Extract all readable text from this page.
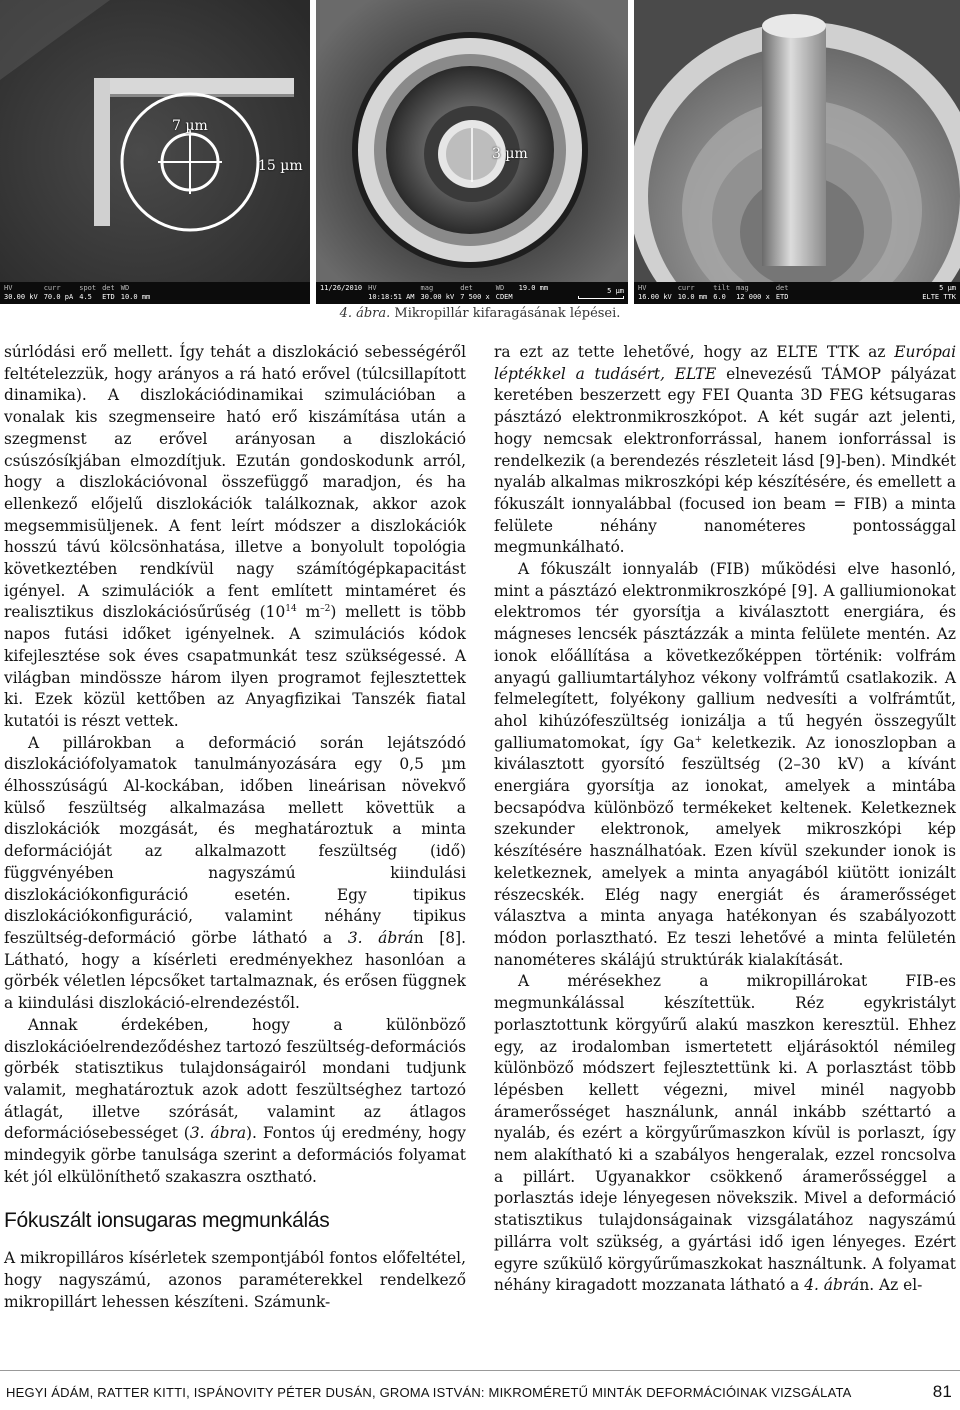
7 µm
15 µm
HV
30.00 kV
curr
70.0 pA
spot
4.5
det
ETD
WD
10.0 mm
3 µm
11/26/2010 HV
10:18:51 AM
mag
30.00 kV
det
7 500 x
WD
CDEM
19.0 mm	5 µm HV
16.00 kV
curr
10.0 mm
tilt
6.0
mag
12 000 x
det
ETD
5 µm
ELTE TTK
4. ábra. Mikropillár kifaragásának lépései.

súrlódási erő mellett. Így tehát a diszlokáció sebességéről feltételezzük, hogy arányos a rá ható erővel (túlcsillapított dinamika). A diszlokációdinamikai szimulációban a vonalak kis szegmenseire ható erő kiszámítása után a szegmenst az erővel arányosan a diszlokáció csúszósíkjában elmozdítjuk. Ezután gondoskodunk arról, hogy a diszlokációvonal összefüggő maradjon, és ha ellenkező előjelű diszlokációk találkoznak, akkor azok megsemmisüljenek. A fent leírt módszer a diszlokációk hosszú távú kölcsönhatása, illetve a bonyolult topológia következtében rendkívül nagy számítógépkapacitást igényel. A szimulációk a fent említett mintaméret és realisztikus diszlokációsűrűség ($10^{14}$ $m^{-2}$) mellett is több napos futási időket igényelnek. A szimulációs kódok kifejlesztése sok éves csapatmunkát tesz szükségessé. A világban mindössze három ilyen programot fejlesztettek ki. Ezek közül kettőben az Anyagfizikai Tanszék fiatal kutatói is részt vettek.

A pillárokban a deformáció során lejátszódó diszlokációfolyamatok tanulmányozására egy 0,5 µm élhosszúságú Al-kockában, időben lineárisan növekvő külső feszültség alkalmazása mellett követtük a diszlokációk mozgását, és meghatároztuk a minta deformációját az alkalmazott feszültség (idő) függvényében nagyszámú kiindulási diszlokációkonfiguráció esetén. Egy tipikus diszlokációkonfiguráció, valamint néhány tipikus feszültség-deformáció görbe látható a 3. ábrán [8]. Látható, hogy a kísérleti eredményekhez hasonlóan a görbék véletlen lépcsőket tartalmaznak, és erősen függnek a kiindulási diszlokáció-elrendezéstől.

Annak érdekében, hogy a különböző diszlokációelrendeződéshez tartozó feszültség-deformációs görbék statisztikus tulajdonságairól mondani tudjunk valamit, meghatároztuk azok adott feszültséghez tartozó átlagát, illetve szórását, valamint az átlagos deformációsebességet (3. ábra). Fontos új eredmény, hogy mindegyik görbe tanulsága szerint a deformációs folyamat két jól elkülöníthető szakaszra osztható.

Fókuszált ionsugaras megmunkálás

A mikropilláros kísérletek szempontjából fontos előfeltétel, hogy nagyszámú, azonos paraméterekkel rendelkező mikropillárt lehessen készíteni. Számunk-

ra ezt az tette lehetővé, hogy az ELTE TTK az Európai léptékkel a tudásért, ELTE elnevezésű TÁMOP pályázat keretében beszerzett egy FEI Quanta 3D FEG kétsugaras pásztázó elektronmikroszkópot. A két sugár azt jelenti, hogy nemcsak elektronforrással, hanem ionforrással is rendelkezik (a berendezés részleteit lásd [9]-ben). Mindkét nyaláb alkalmas mikroszkópi kép készítésére, és emellett a fókuszált ionnyalábbal (focused ion beam = FIB) a minta felülete néhány nanométeres pontossággal megmunkálható.

A fókuszált ionnyaláb (FIB) működési elve hasonló, mint a pásztázó elektronmikroszkópé [9]. A galliumionokat elektromos tér gyorsítja a kiválasztott energiára, és mágneses lencsék pásztázzák a minta felülete mentén. Az ionok előállítása a következőképpen történik: volfrám anyagú galliumtartályhoz vékony volfrámtű csatlakozik. A felmelegített, folyékony gallium nedvesíti a volfrámtűt, ahol kihúzófeszültség ionizálja a tű hegyén összegyűlt galliumatomokat, így Ga+ keletkezik. Az ionoszlopban a kiválasztott gyorsító feszültség (2–30 kV) a kívánt energiára gyorsítja az ionokat, amelyek a mintába becsapódva különböző termékeket keltenek. Keletkeznek szekunder elektronok, amelyek mikroszkópi kép készítésére használhatóak. Ezen kívül szekunder ionok is keletkeznek, amelyek a minta anyagából kiütött ionizált részecskék. Elég nagy energiát és áramerősséget választva a minta anyaga hatékonyan és szabályozott módon porlasztható. Ez teszi lehetővé a minta felületén nanométeres skálájú struktúrák kialakítását.

A mérésekhez a mikropillárokat FIB-es megmunkálással készítettük. Réz egykristályt porlasztottunk körgyűrű alakú maszkon keresztül. Ehhez egy, az irodalomban ismertetett eljárásoktól némileg különböző módszert fejlesztettünk ki. A porlasztást több lépésben kellett végezni, mivel minél nagyobb áramerősséget használunk, annál inkább széttartó a nyaláb, és ezért a körgyűrűmaszkon kívül is porlaszt, így nem alakítható ki a szabályos hengeralak, ezzel roncsolva a pillárt. Ugyanakkor csökkenő áramerősséggel a porlasztás ideje lényegesen növekszik. Mivel a deformáció statisztikus tulajdonságainak vizsgálatához nagyszámú pillárra volt szükség, a gyártási idő igen lényeges. Ezért egyre szűkülő körgyűrűmaszkokat használtunk. A folyamat néhány kiragadott mozzanata látható a 4. ábrán. Az el-

HEGYI ÁDÁM, RATTER KITTI, ISPÁNOVITY PÉTER DUSÁN, GROMA ISTVÁN: MIKROMÉRETŰ MINTÁK DEFORMÁCIÓINAK VIZSGÁLATA	81
